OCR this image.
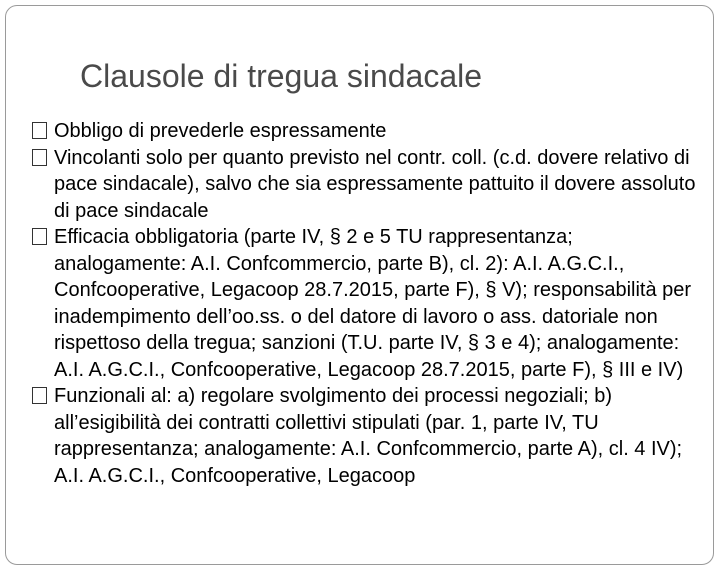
Clausole di tregua sindacale
Obbligo di prevederle espressamente
Vincolanti solo per quanto previsto nel contr. coll. (c.d. dovere relativo di pace sindacale), salvo che sia espressamente pattuito il dovere assoluto di pace sindacale
Efficacia obbligatoria (parte IV, § 2 e 5 TU rappresentanza; analogamente: A.I. Confcommercio, parte B), cl. 2): A.I. A.G.C.I., Confcooperative, Legacoop 28.7.2015, parte F), § V); responsabilità per inadempimento dell’oo.ss. o del datore di lavoro o ass. datoriale non rispettoso della tregua; sanzioni (T.U. parte IV, § 3 e 4); analogamente: A.I. A.G.C.I., Confcooperative, Legacoop 28.7.2015, parte F), § III e IV)
Funzionali al: a) regolare svolgimento dei processi negoziali; b) all’esigibilità dei contratti collettivi stipulati (par. 1, parte IV, TU rappresentanza; analogamente: A.I. Confcommercio, parte A), cl. 4 IV); A.I. A.G.C.I., Confcooperative, Legacoop
